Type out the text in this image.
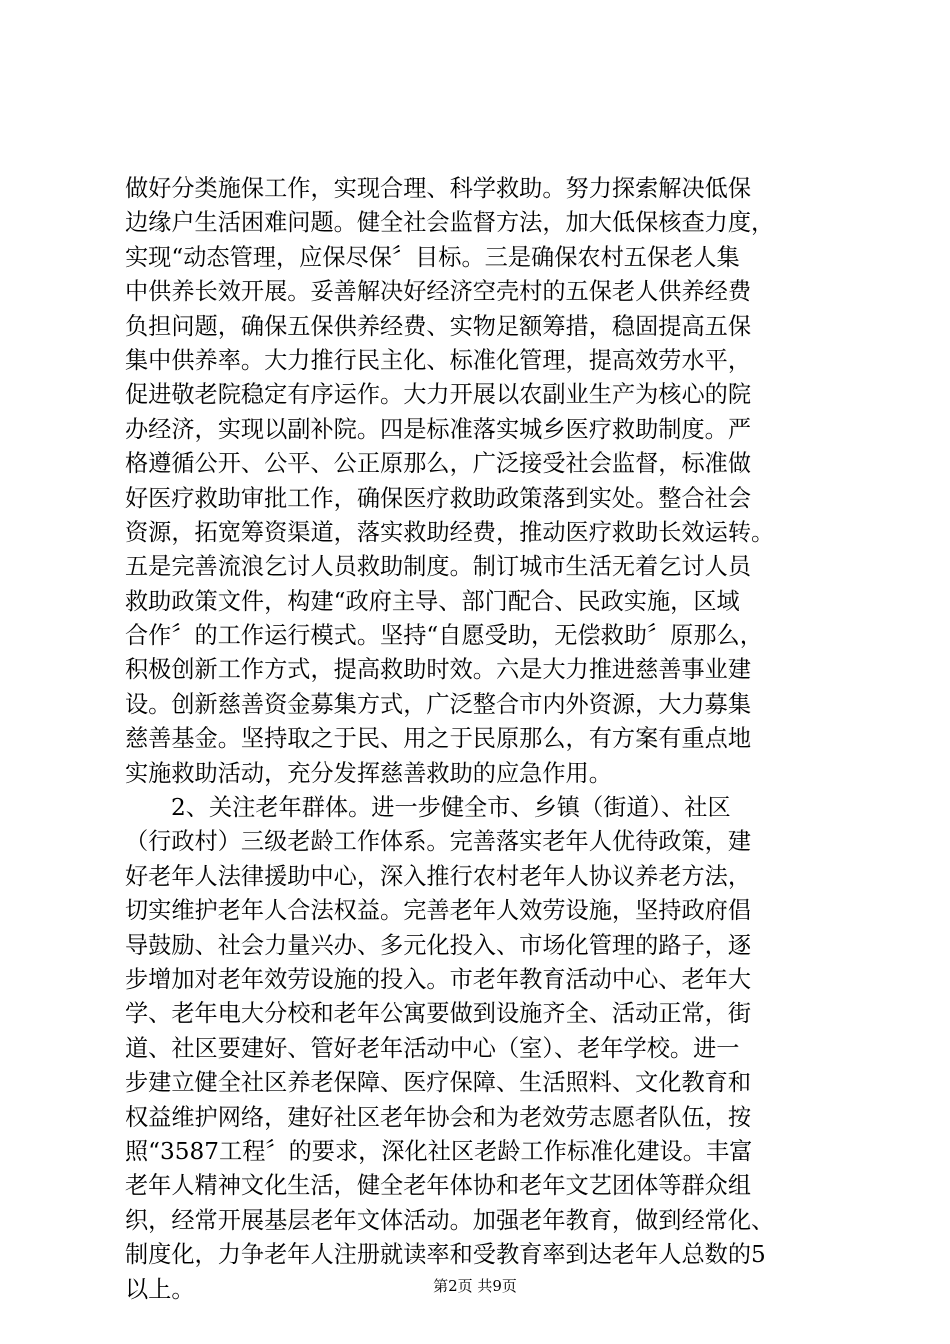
做好分类施保工作，实现合理、科学救助。努力探索解决低保
边缘户生活困难问题。健全社会监督方法，加大低保核查力度，
实现“动态管理，应保尽保〞目标。三是确保农村五保老人集
中供养长效开展。妥善解决好经济空壳村的五保老人供养经费
负担问题，确保五保供养经费、实物足额筹措，稳固提高五保
集中供养率。大力推行民主化、标准化管理，提高效劳水平，
促进敬老院稳定有序运作。大力开展以农副业生产为核心的院
办经济，实现以副补院。四是标准落实城乡医疗救助制度。严
格遵循公开、公平、公正原那么，广泛接受社会监督，标准做
好医疗救助审批工作，确保医疗救助政策落到实处。整合社会
资源，拓宽筹资渠道，落实救助经费，推动医疗救助长效运转。
五是完善流浪乞讨人员救助制度。制订城市生活无着乞讨人员
救助政策文件，构建“政府主导、部门配合、民政实施，区域
合作〞的工作运行模式。坚持“自愿受助，无偿救助〞原那么，
积极创新工作方式，提高救助时效。六是大力推进慈善事业建
设。创新慈善资金募集方式，广泛整合市内外资源，大力募集
慈善基金。坚持取之于民、用之于民原那么，有方案有重点地
实施救助活动，充分发挥慈善救助的应急作用。
2、关注老年群体。进一步健全市、乡镇（街道）、社区
（行政村）三级老龄工作体系。完善落实老年人优待政策，建
好老年人法律援助中心，深入推行农村老年人协议养老方法，
切实维护老年人合法权益。完善老年人效劳设施，坚持政府倡
导鼓励、社会力量兴办、多元化投入、市场化管理的路子，逐
步增加对老年效劳设施的投入。市老年教育活动中心、老年大
学、老年电大分校和老年公寓要做到设施齐全、活动正常，街
道、社区要建好、管好老年活动中心（室）、老年学校。进一
步建立健全社区养老保障、医疗保障、生活照料、文化教育和
权益维护网络，建好社区老年协会和为老效劳志愿者队伍，按
照“3587工程〞的要求，深化社区老龄工作标准化建设。丰富
老年人精神文化生活，健全老年体协和老年文艺团体等群众组
织，经常开展基层老年文体活动。加强老年教育，做到经常化、
制度化，力争老年人注册就读率和受教育率到达老年人总数的5
以上。	第2页 共9页
